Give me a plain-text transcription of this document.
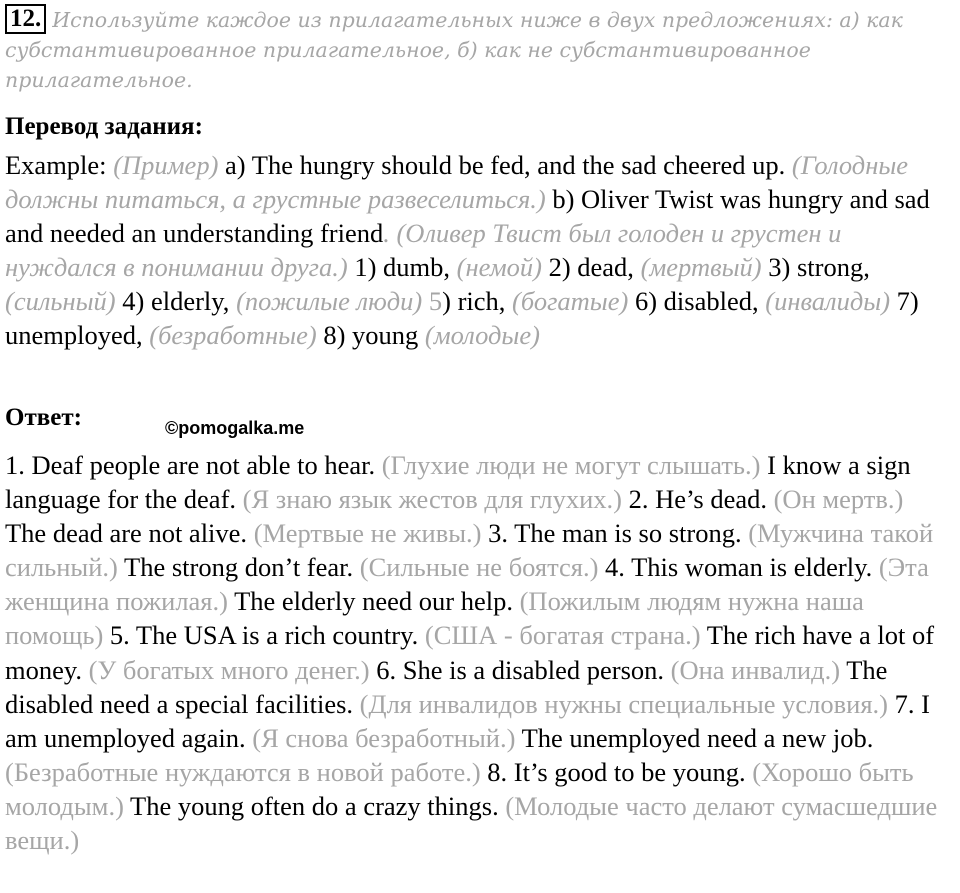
12. Используйте каждое из прилагательных ниже в двух предложениях: а) как субстантивированное прилагательное, б) как не субстантивированное прилагательное.
Перевод задания:
Example: (Пример) a) The hungry should be fed, and the sad cheered up. (Голодные должны питаться, а грустные развеселиться.) b) Oliver Twist was hungry and sad and needed an understanding friend. (Оливер Твист был голоден и грустен и нуждался в понимании друга.) 1) dumb, (немой) 2) dead, (мертвый) 3) strong, (сильный) 4) elderly, (пожилые люди) 5) rich, (богатые) 6) disabled, (инвалиды) 7) unemployed, (безработные) 8) young (молодые)
Ответ:	©pomogalka.me
1. Deaf people are not able to hear. (Глухие люди не могут слышать.) I know a sign language for the deaf. (Я знаю язык жестов для глухих.) 2. He’s dead. (Он мертв.) The dead are not alive. (Мертвые не живы.) 3. The man is so strong. (Мужчина такой сильный.) The strong don’t fear. (Сильные не боятся.) 4. This woman is elderly. (Эта женщина пожилая.) The elderly need our help. (Пожилым людям нужна наша помощь) 5. The USA is a rich country. (США - богатая страна.) The rich have a lot of money. (У богатых много денег.) 6. She is a disabled person. (Она инвалид.) The disabled need a special facilities. (Для инвалидов нужны специальные условия.) 7. I am unemployed again. (Я снова безработный.) The unemployed need a new job. (Безработные нуждаются в новой работе.) 8. It’s good to be young. (Хорошо быть молодым.) The young often do a crazy things. (Молодые часто делают сумасшедшие вещи.)
